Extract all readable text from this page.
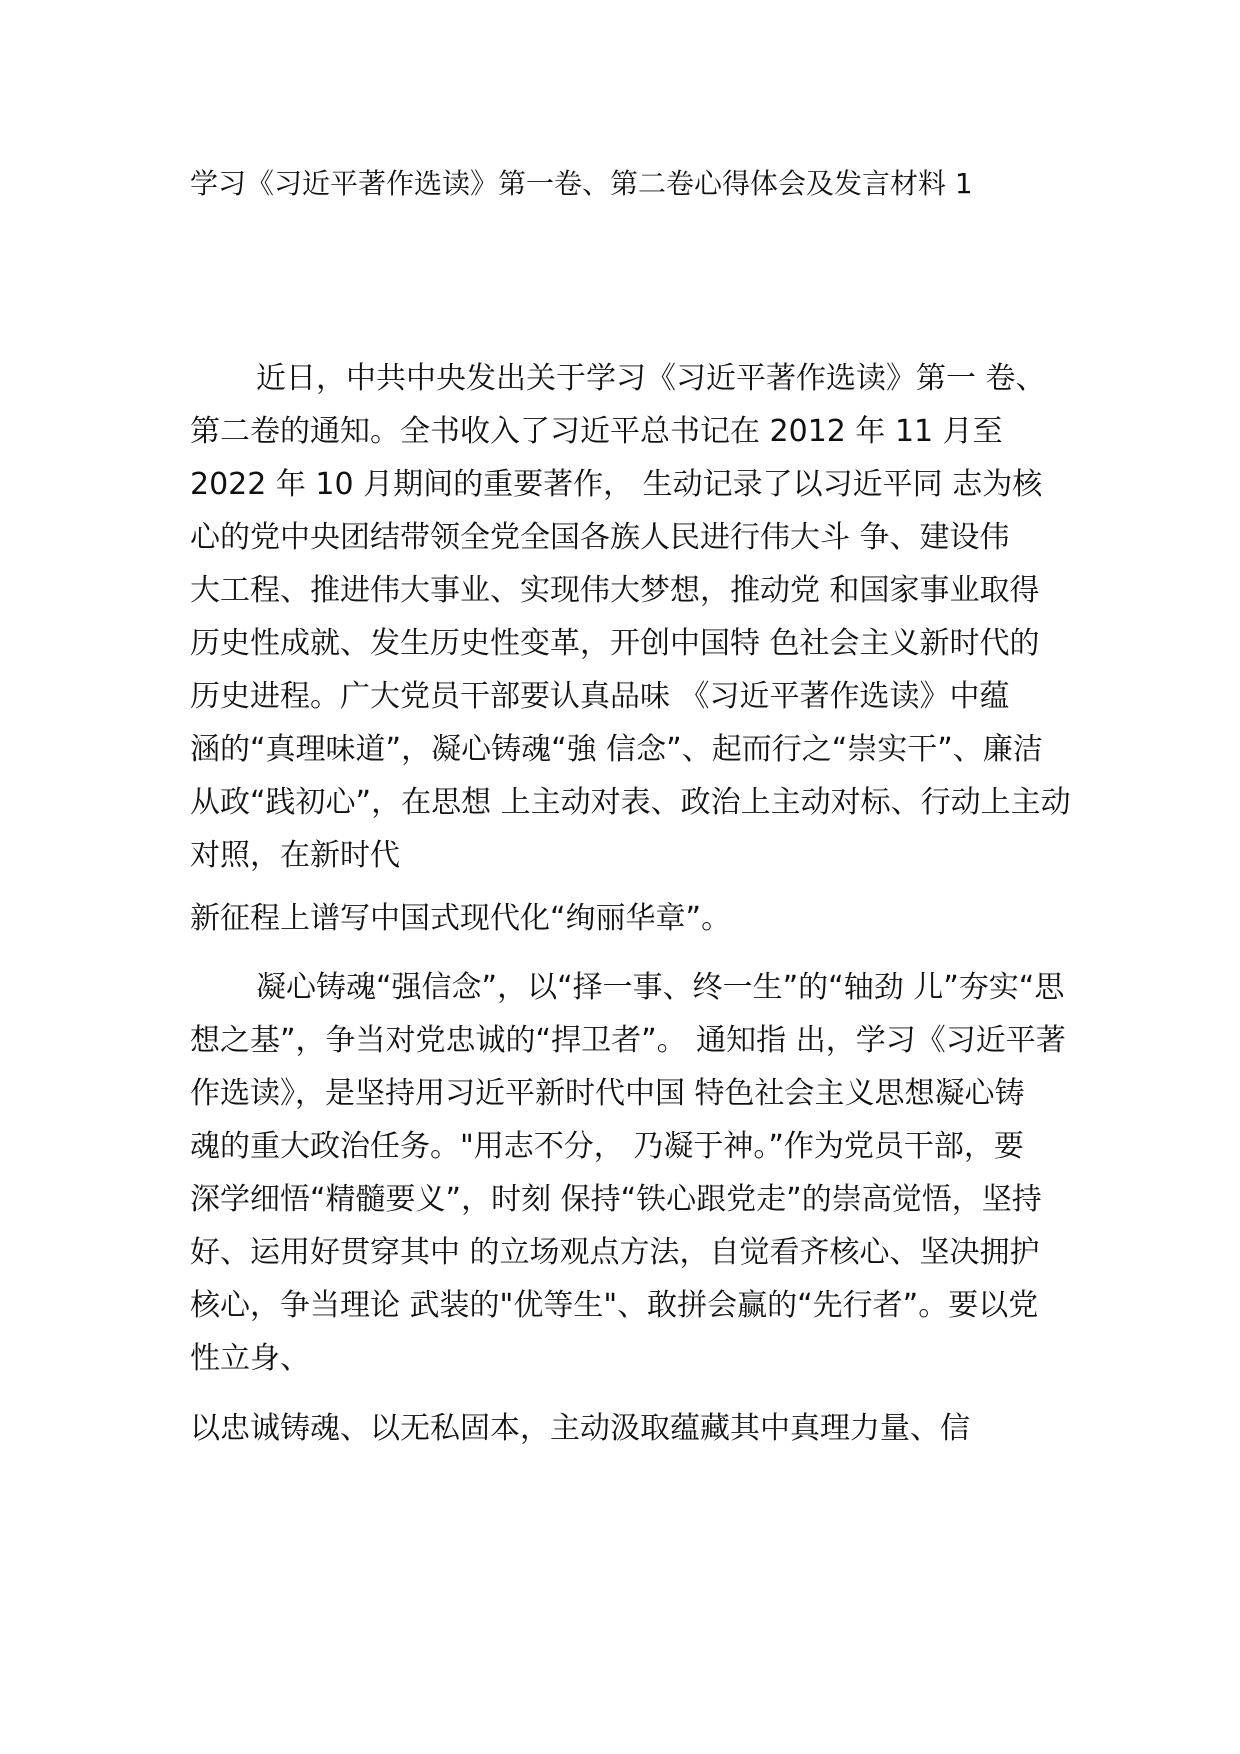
学习《习近平著作选读》第一卷、第二卷心得体会及发言材料 1
近日，中共中央发出关于学习《习近平著作选读》第一 卷、
第二卷的通知。全书收入了习近平总书记在 2012 年 11 月至
2022 年 10 月期间的重要著作， 生动记录了以习近平同 志为核
心的党中央团结带领全党全国各族人民进行伟大斗 争、建设伟
大工程、推进伟大事业、实现伟大梦想，推动党 和国家事业取得
历史性成就、发生历史性变革，开创中国特 色社会主义新时代的
历史进程。广大党员干部要认真品味 《习近平著作选读》中蕴
涵的“真理味道”，凝心铸魂“強 信念”、起而行之“崇实干”、廉洁
从政“践初心”，在思想 上主动对表、政治上主动对标、行动上主动
对照，在新时代
新征程上谱写中国式现代化“绚丽华章”。
凝心铸魂“强信念”，以“择一事、终一生”的“轴劲 儿”夯实“思
想之基”，争当对党忠诚的“捍卫者”。 通知指 出，学习《习近平著
作选读》，是坚持用习近平新时代中国 特色社会主义思想凝心铸
魂的重大政治任务。"用志不分， 乃凝于神。”作为党员干部，要
深学细悟“精髓要义”，时刻 保持“铁心跟党走”的崇高觉悟，坚持
好、运用好贯穿其中 的立场观点方法，自觉看齐核心、坚决拥护
核心，争当理论 武装的"优等生"、敢拼会赢的“先行者”。要以党
性立身、
以忠诚铸魂、以无私固本，主动汲取蕴藏其中真理力量、信
